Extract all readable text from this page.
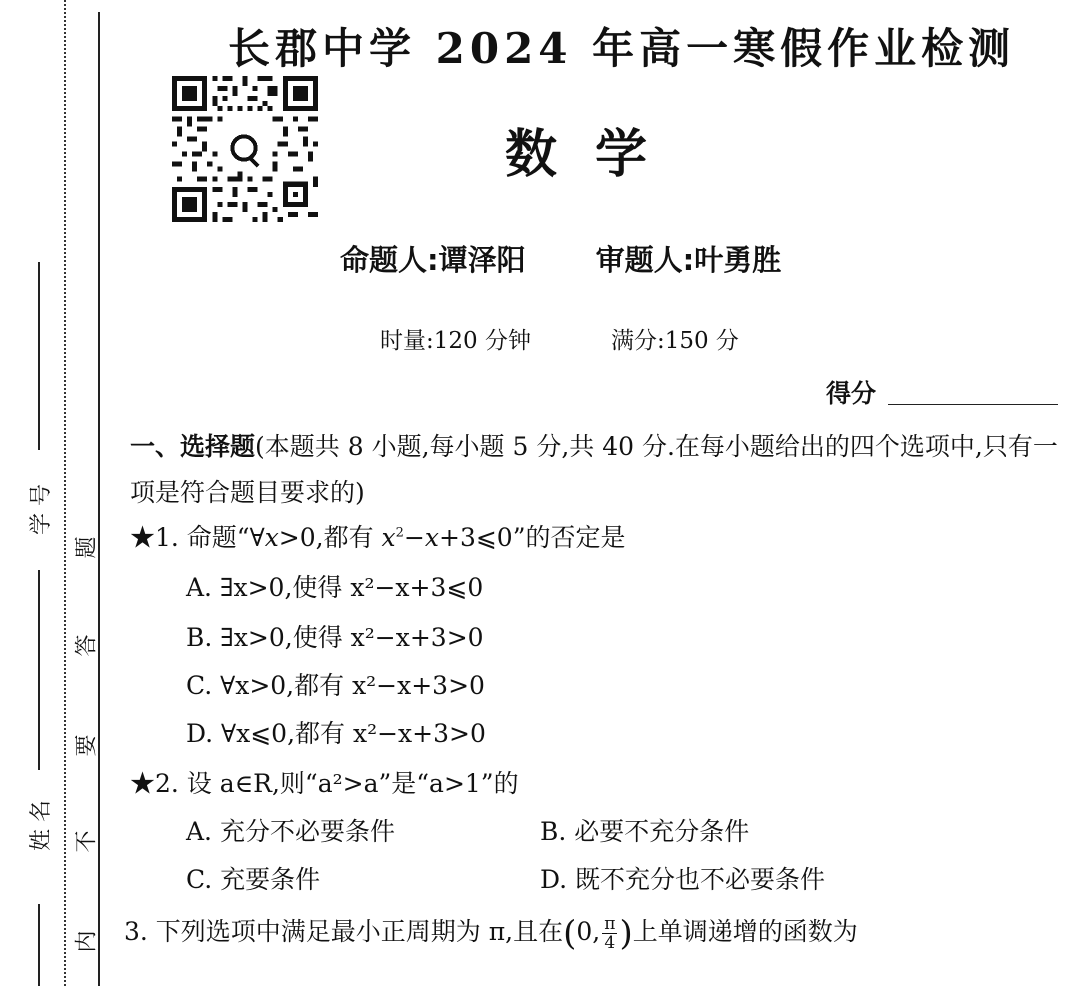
学 号
姓 名
题
答
要
不
内
长郡中学 2024 年高一寒假作业检测
数学
命题人:谭泽阳 审题人:叶勇胜
时量:120 分钟	满分:150 分
得分
一、选择题(本题共 8 小题,每小题 5 分,共 40 分.在每小题给出的四个选项中,只有一项是符合题目要求的)
★1. 命题“∀x>0,都有 $x^2-x+3⩽0$”的否定是
A. ∃x>0,使得 x²−x+3⩽0
B. ∃x>0,使得 x²−x+3>0
C. ∀x>0,都有 x²−x+3>0
D. ∀x⩽0,都有 x²−x+3>0
★2. 设 a∈R,则“a²>a”是“a>1”的
A. 充分不必要条件	B. 必要不充分条件
C. 充要条件	D. 既不充分也不必要条件
3. 下列选项中满足最小正周期为 π,且在(0, $\frac{\pi}{4}$ )上单调递增的函数为
